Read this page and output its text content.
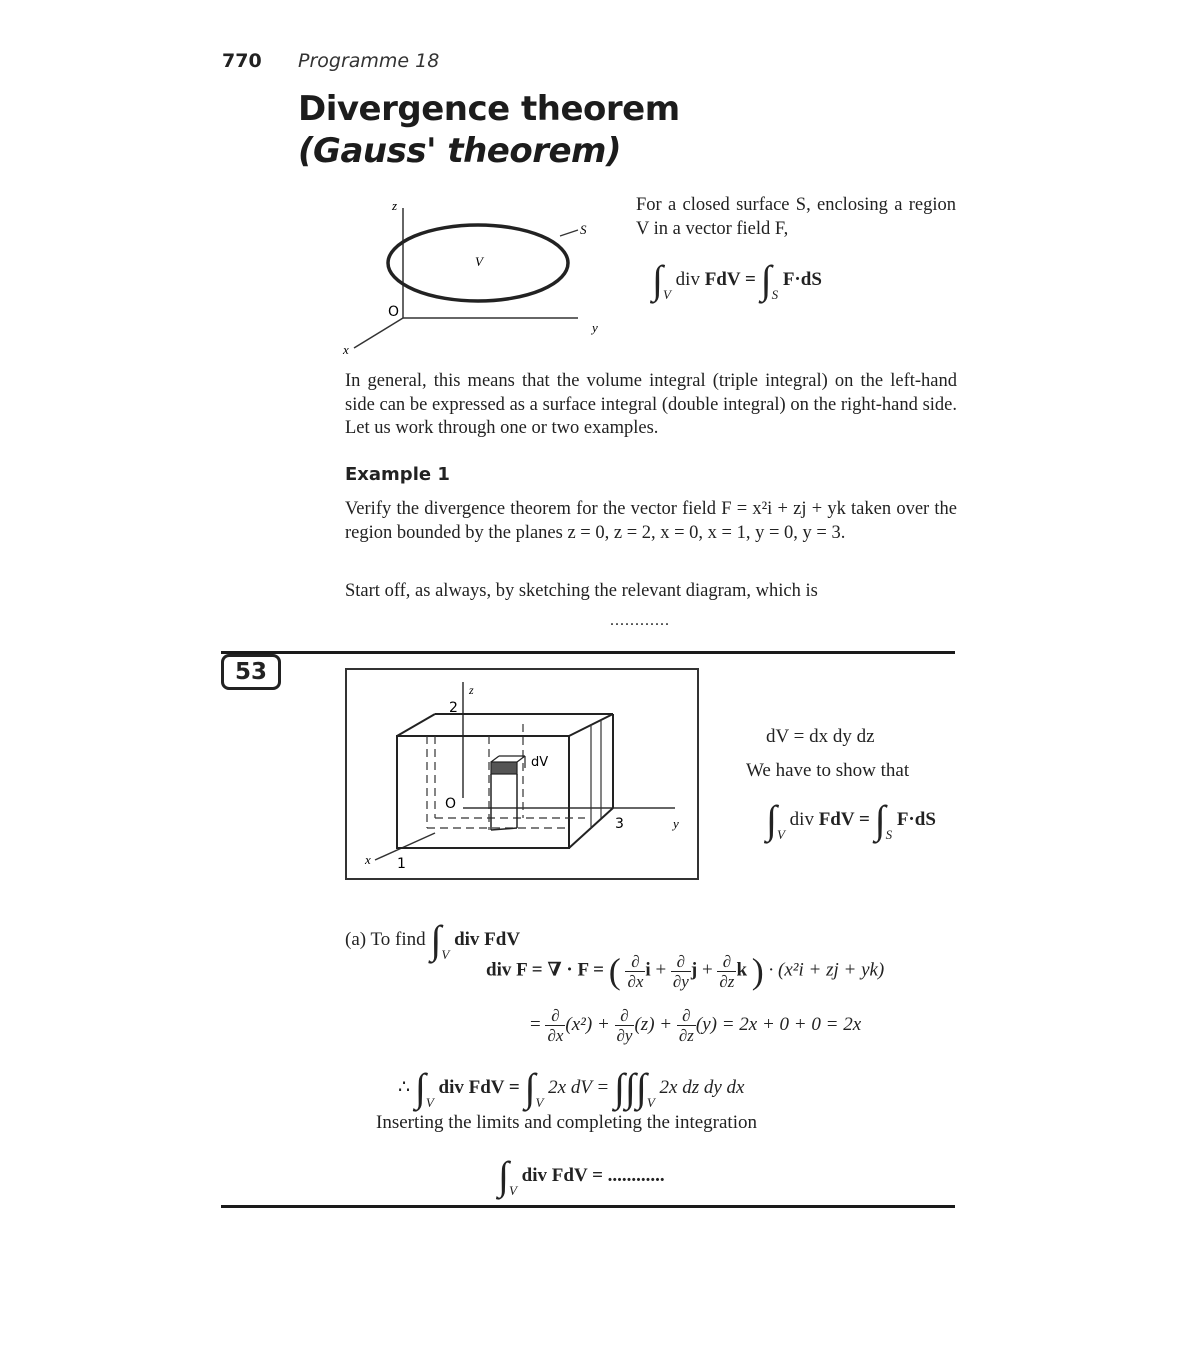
770 Programme 18
Divergence theorem
(Gauss' theorem)
z
y
x
O
V
S
For a closed surface S, enclosing a region V in a vector field F,
$\int_V$ div FdV = $\int_S$ F·dS
In general, this means that the volume integral (triple integral) on the left-hand side can be expressed as a surface integral (double integral) on the right-hand side. Let us work through one or two examples.
Example 1
Verify the divergence theorem for the vector field F = x²i + zj + yk taken over the region bounded by the planes z = 0, z = 2, x = 0, x = 1, y = 0, y = 3.
Start off, as always, by sketching the relevant diagram, which is
............
53
z
2
dV
O
3	y
x 1
dV = dx dy dz
We have to show that
$\int_V$ div FdV = $\int_S$ F·dS
(a) To find $\int_V$ div FdV
div F = ∇ · F = ( $\frac{\partial}{\partial x}$ $i + \frac{\partial}{\partial y}$ $j + \frac{\partial}{\partial z}$ k ) · (x²i + zj + yk)
= $\frac{\partial}{\partial x} (x^2) + \frac{\partial}{\partial y} (z) + \frac{\partial}{\partial z} (y) = 2x + 0 + 0 = 2x$
∴ $\int_V$ div FdV = $\int_V$ 2x dV = $\int\int\int_V$ 2x dz dy dx
Inserting the limits and completing the integration
$\int_V$ div FdV = ............
